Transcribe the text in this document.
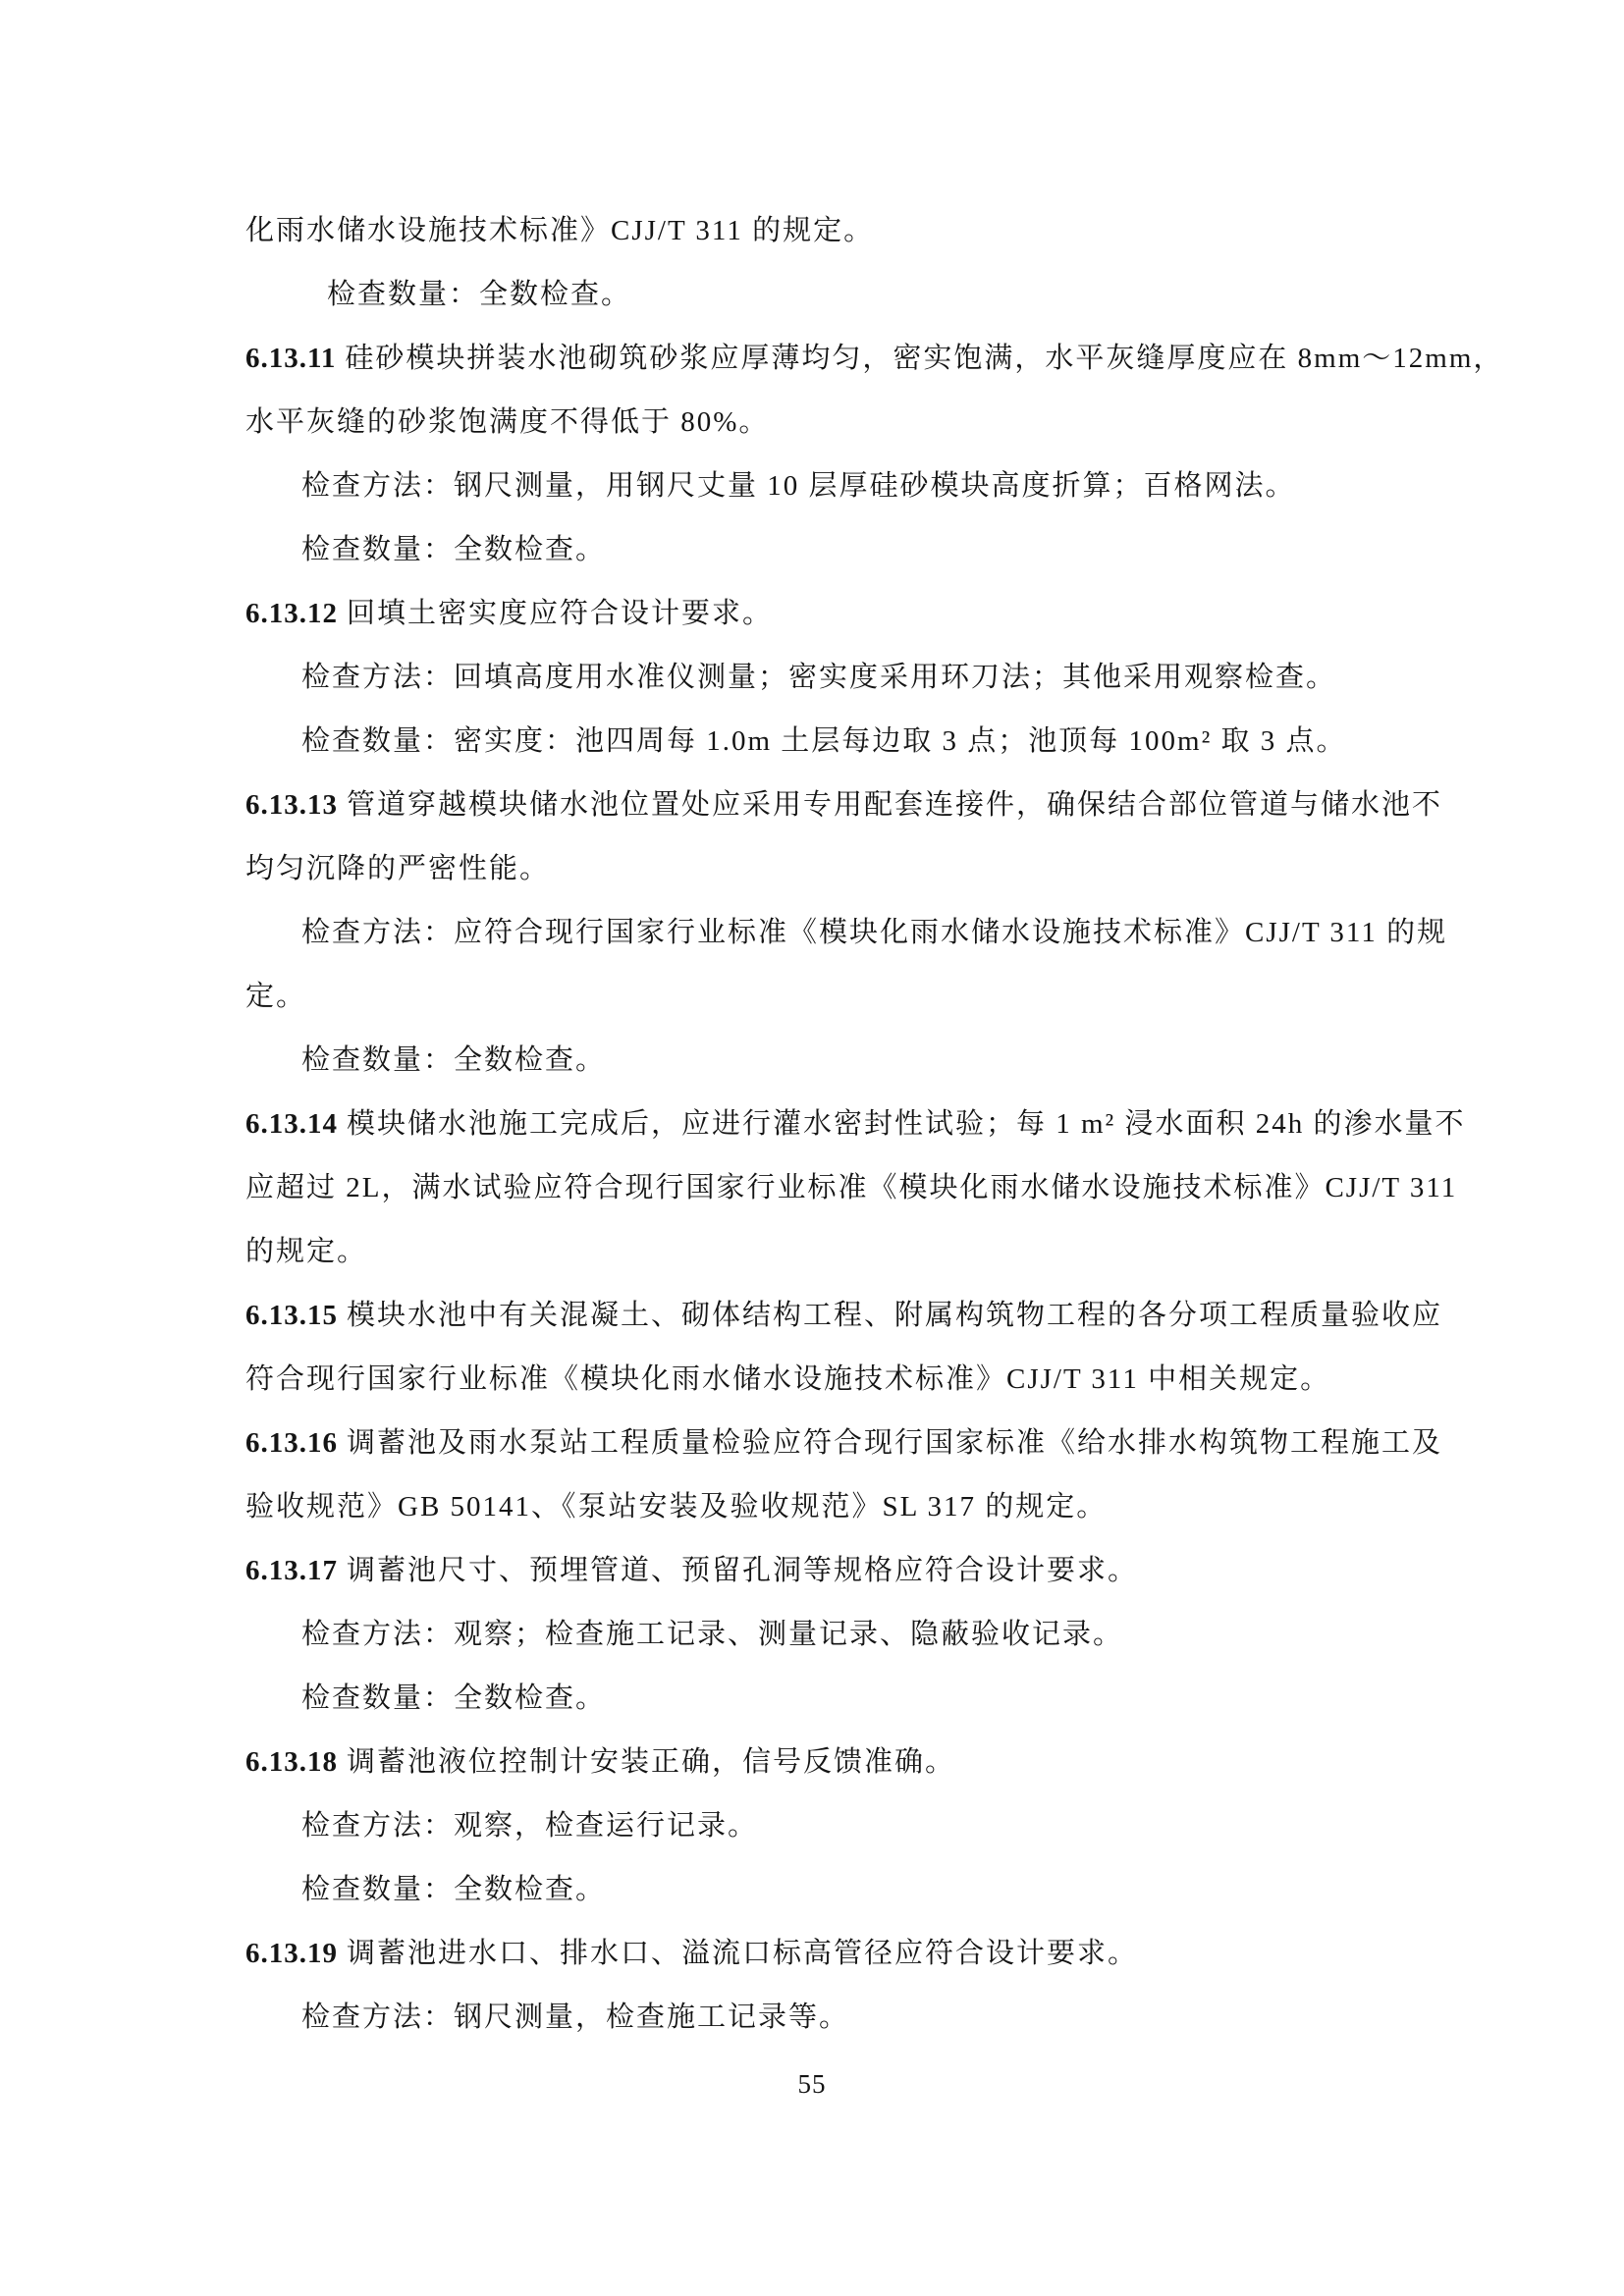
化雨水储水设施技术标准》CJJ/T 311 的规定。
检查数量：全数检查。
6.13.11 硅砂模块拼装水池砌筑砂浆应厚薄均匀，密实饱满，水平灰缝厚度应在 8mm～12mm，
水平灰缝的砂浆饱满度不得低于 80%。
检查方法：钢尺测量，用钢尺丈量 10 层厚硅砂模块高度折算；百格网法。
检查数量：全数检查。
6.13.12 回填土密实度应符合设计要求。
检查方法：回填高度用水准仪测量；密实度采用环刀法；其他采用观察检查。
检查数量：密实度：池四周每 1.0m 土层每边取 3 点；池顶每 100m² 取 3 点。
6.13.13 管道穿越模块储水池位置处应采用专用配套连接件，确保结合部位管道与储水池不
均匀沉降的严密性能。
检查方法：应符合现行国家行业标准《模块化雨水储水设施技术标准》CJJ/T 311 的规
定。
检查数量：全数检查。
6.13.14 模块储水池施工完成后，应进行灌水密封性试验；每 1 m² 浸水面积 24h 的渗水量不
应超过 2L，满水试验应符合现行国家行业标准《模块化雨水储水设施技术标准》CJJ/T 311
的规定。
6.13.15 模块水池中有关混凝土、砌体结构工程、附属构筑物工程的各分项工程质量验收应
符合现行国家行业标准《模块化雨水储水设施技术标准》CJJ/T 311 中相关规定。
6.13.16 调蓄池及雨水泵站工程质量检验应符合现行国家标准《给水排水构筑物工程施工及
验收规范》GB 50141、《泵站安装及验收规范》SL 317 的规定。
6.13.17 调蓄池尺寸、预埋管道、预留孔洞等规格应符合设计要求。
检查方法：观察；检查施工记录、测量记录、隐蔽验收记录。
检查数量：全数检查。
6.13.18 调蓄池液位控制计安装正确，信号反馈准确。
检查方法：观察，检查运行记录。
检查数量：全数检查。
6.13.19 调蓄池进水口、排水口、溢流口标高管径应符合设计要求。
检查方法：钢尺测量，检查施工记录等。
55
